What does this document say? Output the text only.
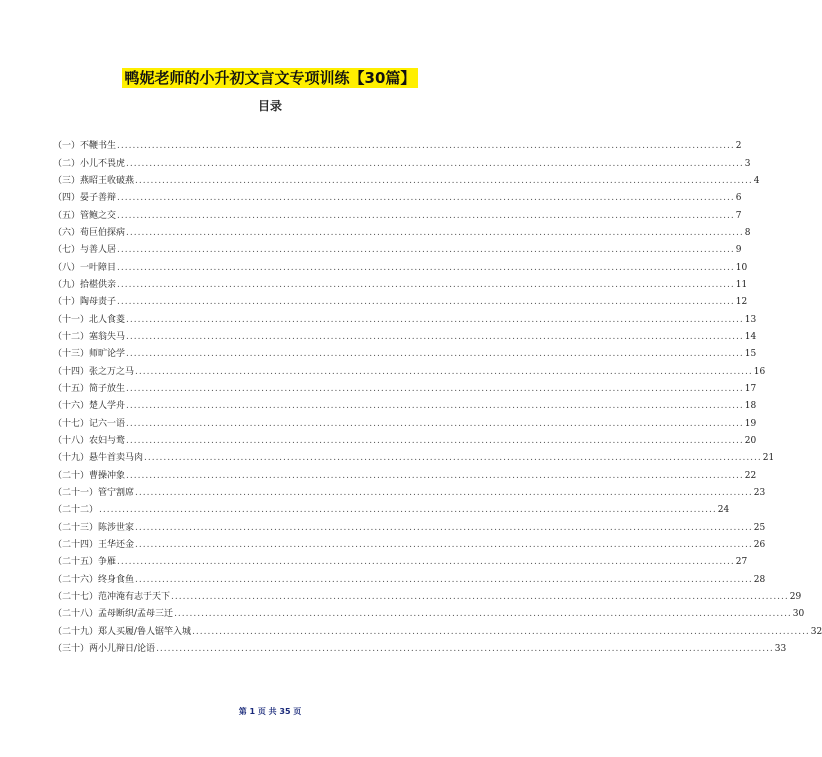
鸭妮老师的小升初文言文专项训练【30篇】
目录
（一） 不鞭书生 ................................................................................................................................................................ 2
（二） 小儿不畏虎 ................................................................................................................................................................ 3
（三） 燕昭王收破燕 ................................................................................................................................................................ 4
（四） 晏子善辩 ................................................................................................................................................................ 6
（五） 管鲍之交 ................................................................................................................................................................ 7
（六） 荀巨伯探病 ................................................................................................................................................................ 8
（七） 与善人居 ................................................................................................................................................................ 9
（八） 一叶障目 ................................................................................................................................................................ 10
（九） 拾椹供亲 ................................................................................................................................................................ 11
（十） 陶母责子 ................................................................................................................................................................ 12
（十一） 北人食菱 ................................................................................................................................................................ 13
（十二） 塞翁失马 ................................................................................................................................................................ 14
（十三） 师旷论学 ................................................................................................................................................................ 15
（十四） 张之万之马 ................................................................................................................................................................ 16
（十五） 简子放生 ................................................................................................................................................................ 17
（十六） 楚人学舟 ................................................................................................................................................................ 18
（十七） 记六一语 ................................................................................................................................................................ 19
（十八） 农妇与鹜 ................................................................................................................................................................ 20
（十九） 悬牛首卖马肉 ................................................................................................................................................................ 21
（二十） 曹操冲象 ................................................................................................................................................................ 22
（二十一） 管宁割席 ................................................................................................................................................................ 23
（二十二） ................................................................................................................................................................ 24
（二十三） 陈涉世家 ................................................................................................................................................................ 25
（二十四） 王华还金 ................................................................................................................................................................ 26
（二十五） 争雁 ................................................................................................................................................................ 27
（二十六） 终身食鱼 ................................................................................................................................................................ 28
（二十七） 范冲淹有志于天下 ................................................................................................................................................................ 29
（二十八） 孟母断织/孟母三迁 ................................................................................................................................................................ 30
（二十九） 郑人买履/鲁人锯竿入城 ................................................................................................................................................................ 32
（三十） 两小儿辩日/论语 ................................................................................................................................................................ 33
第 1 页 共 35 页
